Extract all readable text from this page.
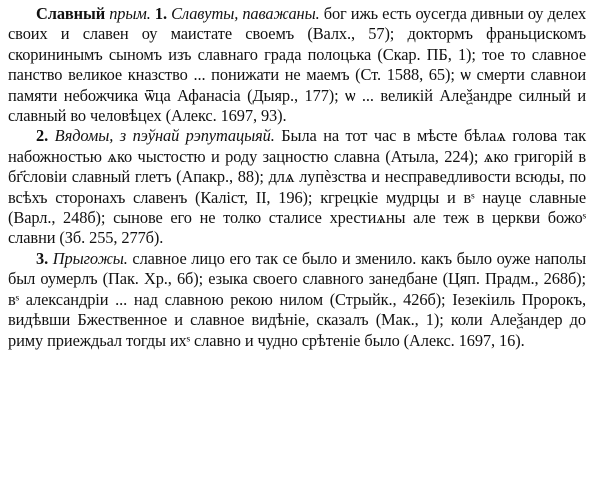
Славный прым. 1. Славуты, паважаны. бог ижь есть оусегда дивныи оу делех своих и славен оу маистате своемъ (Валх., 57); доктормъ франьцискомъ скорининымъ сыномъ изъ славнаго града полоцька (Скар. ПБ, 1); тое то славное панство великое кназство ... понижати не маемъ (Ст. 1588, 65); ѡ смерти славнои памяти небожчика ѿца Афанасіа (Дыяр., 177); ѡ ... великій Алеѯандре силный и славный во человѣцех (Алекс. 1697, 93).

2. Вядомы, з пэўнай рэпутацыяй. Была на тот час в мѣсте бѣлаѧ голова так набожностью ѧко чыстостю и роду зацностю славна (Атыла, 224); ѧко григорій в бг҃словіи славный глетъ (Апакр., 88); длѧ лупѐзства и несправедливости всюды, по всѣхъ сторонахъ славенъ (Каліст, II, 196); кгрецкіе мудрцы и вˢ науце славные (Варл., 248б); сынове его не толко сталисе хрестиѧны але теж в церкви божоˢ славни (Зб. 255, 277б).

3. Прыгожы. славное лицо его так се было и зменило. какъ было оуже наполы был оумерлъ (Пак. Хр., 6б); езыка своего славного занедбане (Цяп. Прадм., 268б); вˢ александріи ... над славною рекою нилом (Стрыйк., 426б); Іезекіиль Пророкъ, видѣвши Бжественное и славное видѣніе, сказалъ (Мак., 1); коли Алеѯандер до риму приеждьал тогды ихˢ славно и чудно срѣтеніе было (Алекс. 1697, 16).
